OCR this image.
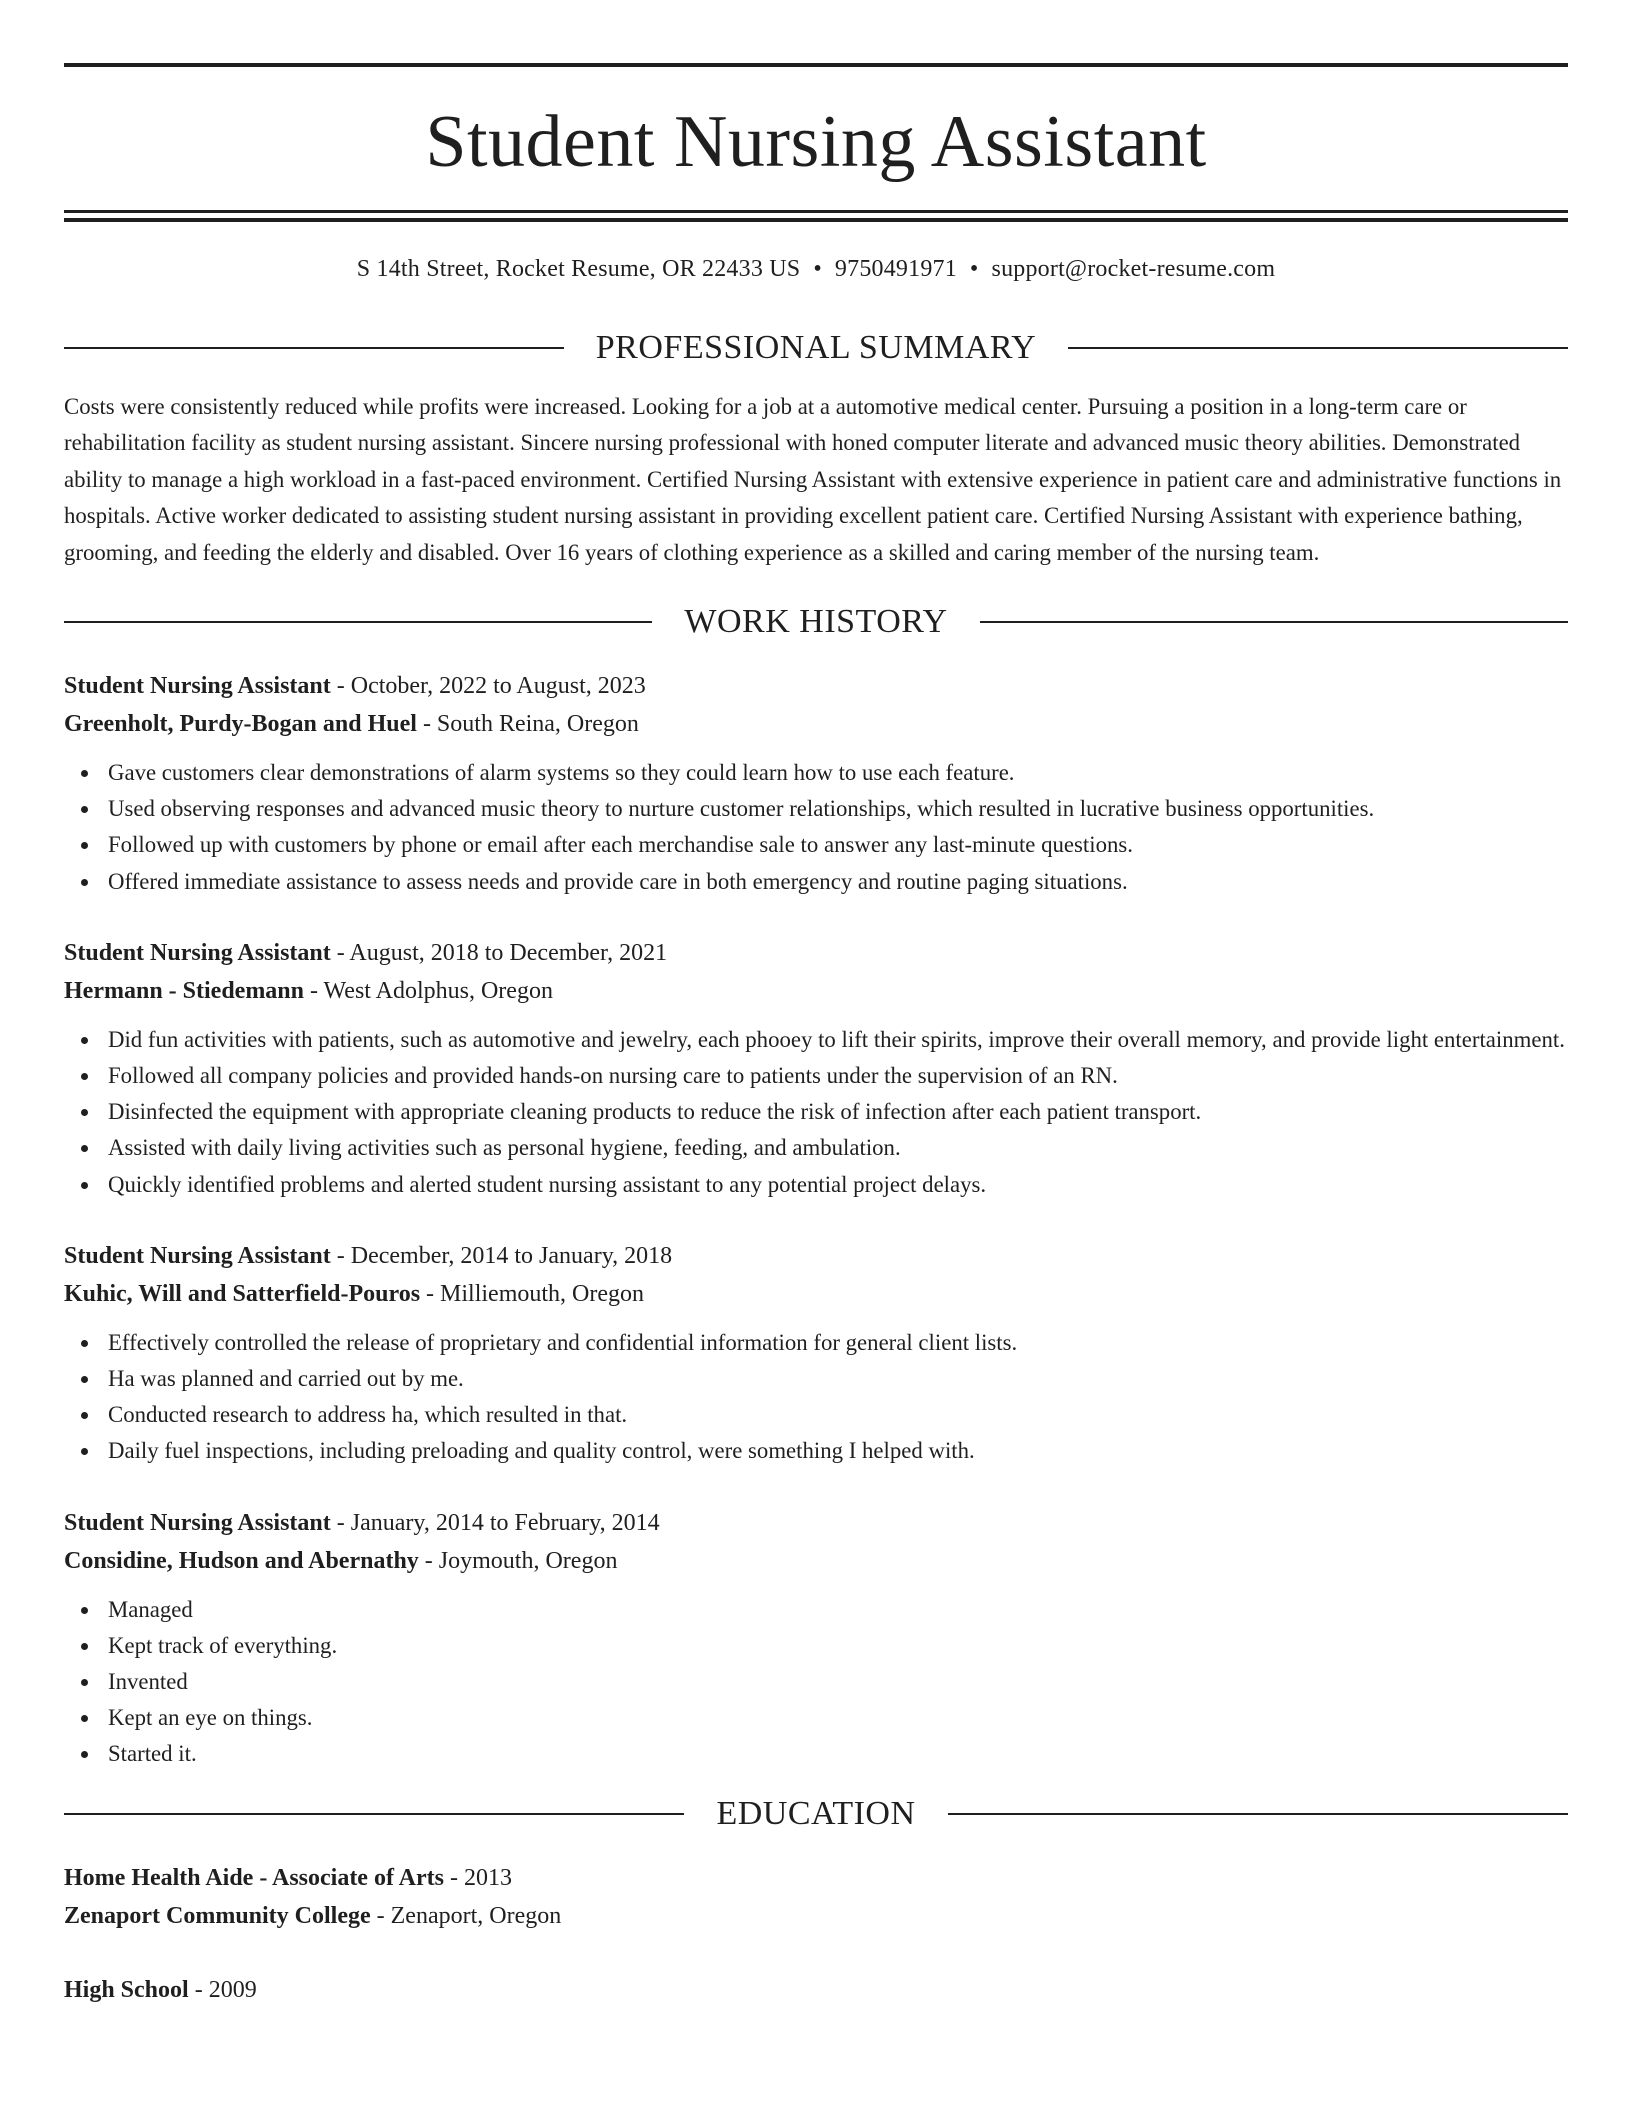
Student Nursing Assistant
S 14th Street, Rocket Resume, OR 22433 US • 9750491971 • support@rocket-resume.com
PROFESSIONAL SUMMARY
Costs were consistently reduced while profits were increased. Looking for a job at a automotive medical center. Pursuing a position in a long-term care or rehabilitation facility as student nursing assistant. Sincere nursing professional with honed computer literate and advanced music theory abilities. Demonstrated ability to manage a high workload in a fast-paced environment. Certified Nursing Assistant with extensive experience in patient care and administrative functions in hospitals. Active worker dedicated to assisting student nursing assistant in providing excellent patient care. Certified Nursing Assistant with experience bathing, grooming, and feeding the elderly and disabled. Over 16 years of clothing experience as a skilled and caring member of the nursing team.
WORK HISTORY
Student Nursing Assistant - October, 2022 to August, 2023
Greenholt, Purdy-Bogan and Huel - South Reina, Oregon
Gave customers clear demonstrations of alarm systems so they could learn how to use each feature.
Used observing responses and advanced music theory to nurture customer relationships, which resulted in lucrative business opportunities.
Followed up with customers by phone or email after each merchandise sale to answer any last-minute questions.
Offered immediate assistance to assess needs and provide care in both emergency and routine paging situations.
Student Nursing Assistant - August, 2018 to December, 2021
Hermann - Stiedemann - West Adolphus, Oregon
Did fun activities with patients, such as automotive and jewelry, each phooey to lift their spirits, improve their overall memory, and provide light entertainment.
Followed all company policies and provided hands-on nursing care to patients under the supervision of an RN.
Disinfected the equipment with appropriate cleaning products to reduce the risk of infection after each patient transport.
Assisted with daily living activities such as personal hygiene, feeding, and ambulation.
Quickly identified problems and alerted student nursing assistant to any potential project delays.
Student Nursing Assistant - December, 2014 to January, 2018
Kuhic, Will and Satterfield-Pouros - Milliemouth, Oregon
Effectively controlled the release of proprietary and confidential information for general client lists.
Ha was planned and carried out by me.
Conducted research to address ha, which resulted in that.
Daily fuel inspections, including preloading and quality control, were something I helped with.
Student Nursing Assistant - January, 2014 to February, 2014
Considine, Hudson and Abernathy - Joymouth, Oregon
Managed
Kept track of everything.
Invented
Kept an eye on things.
Started it.
EDUCATION
Home Health Aide - Associate of Arts - 2013
Zenaport Community College - Zenaport, Oregon
High School - 2009
